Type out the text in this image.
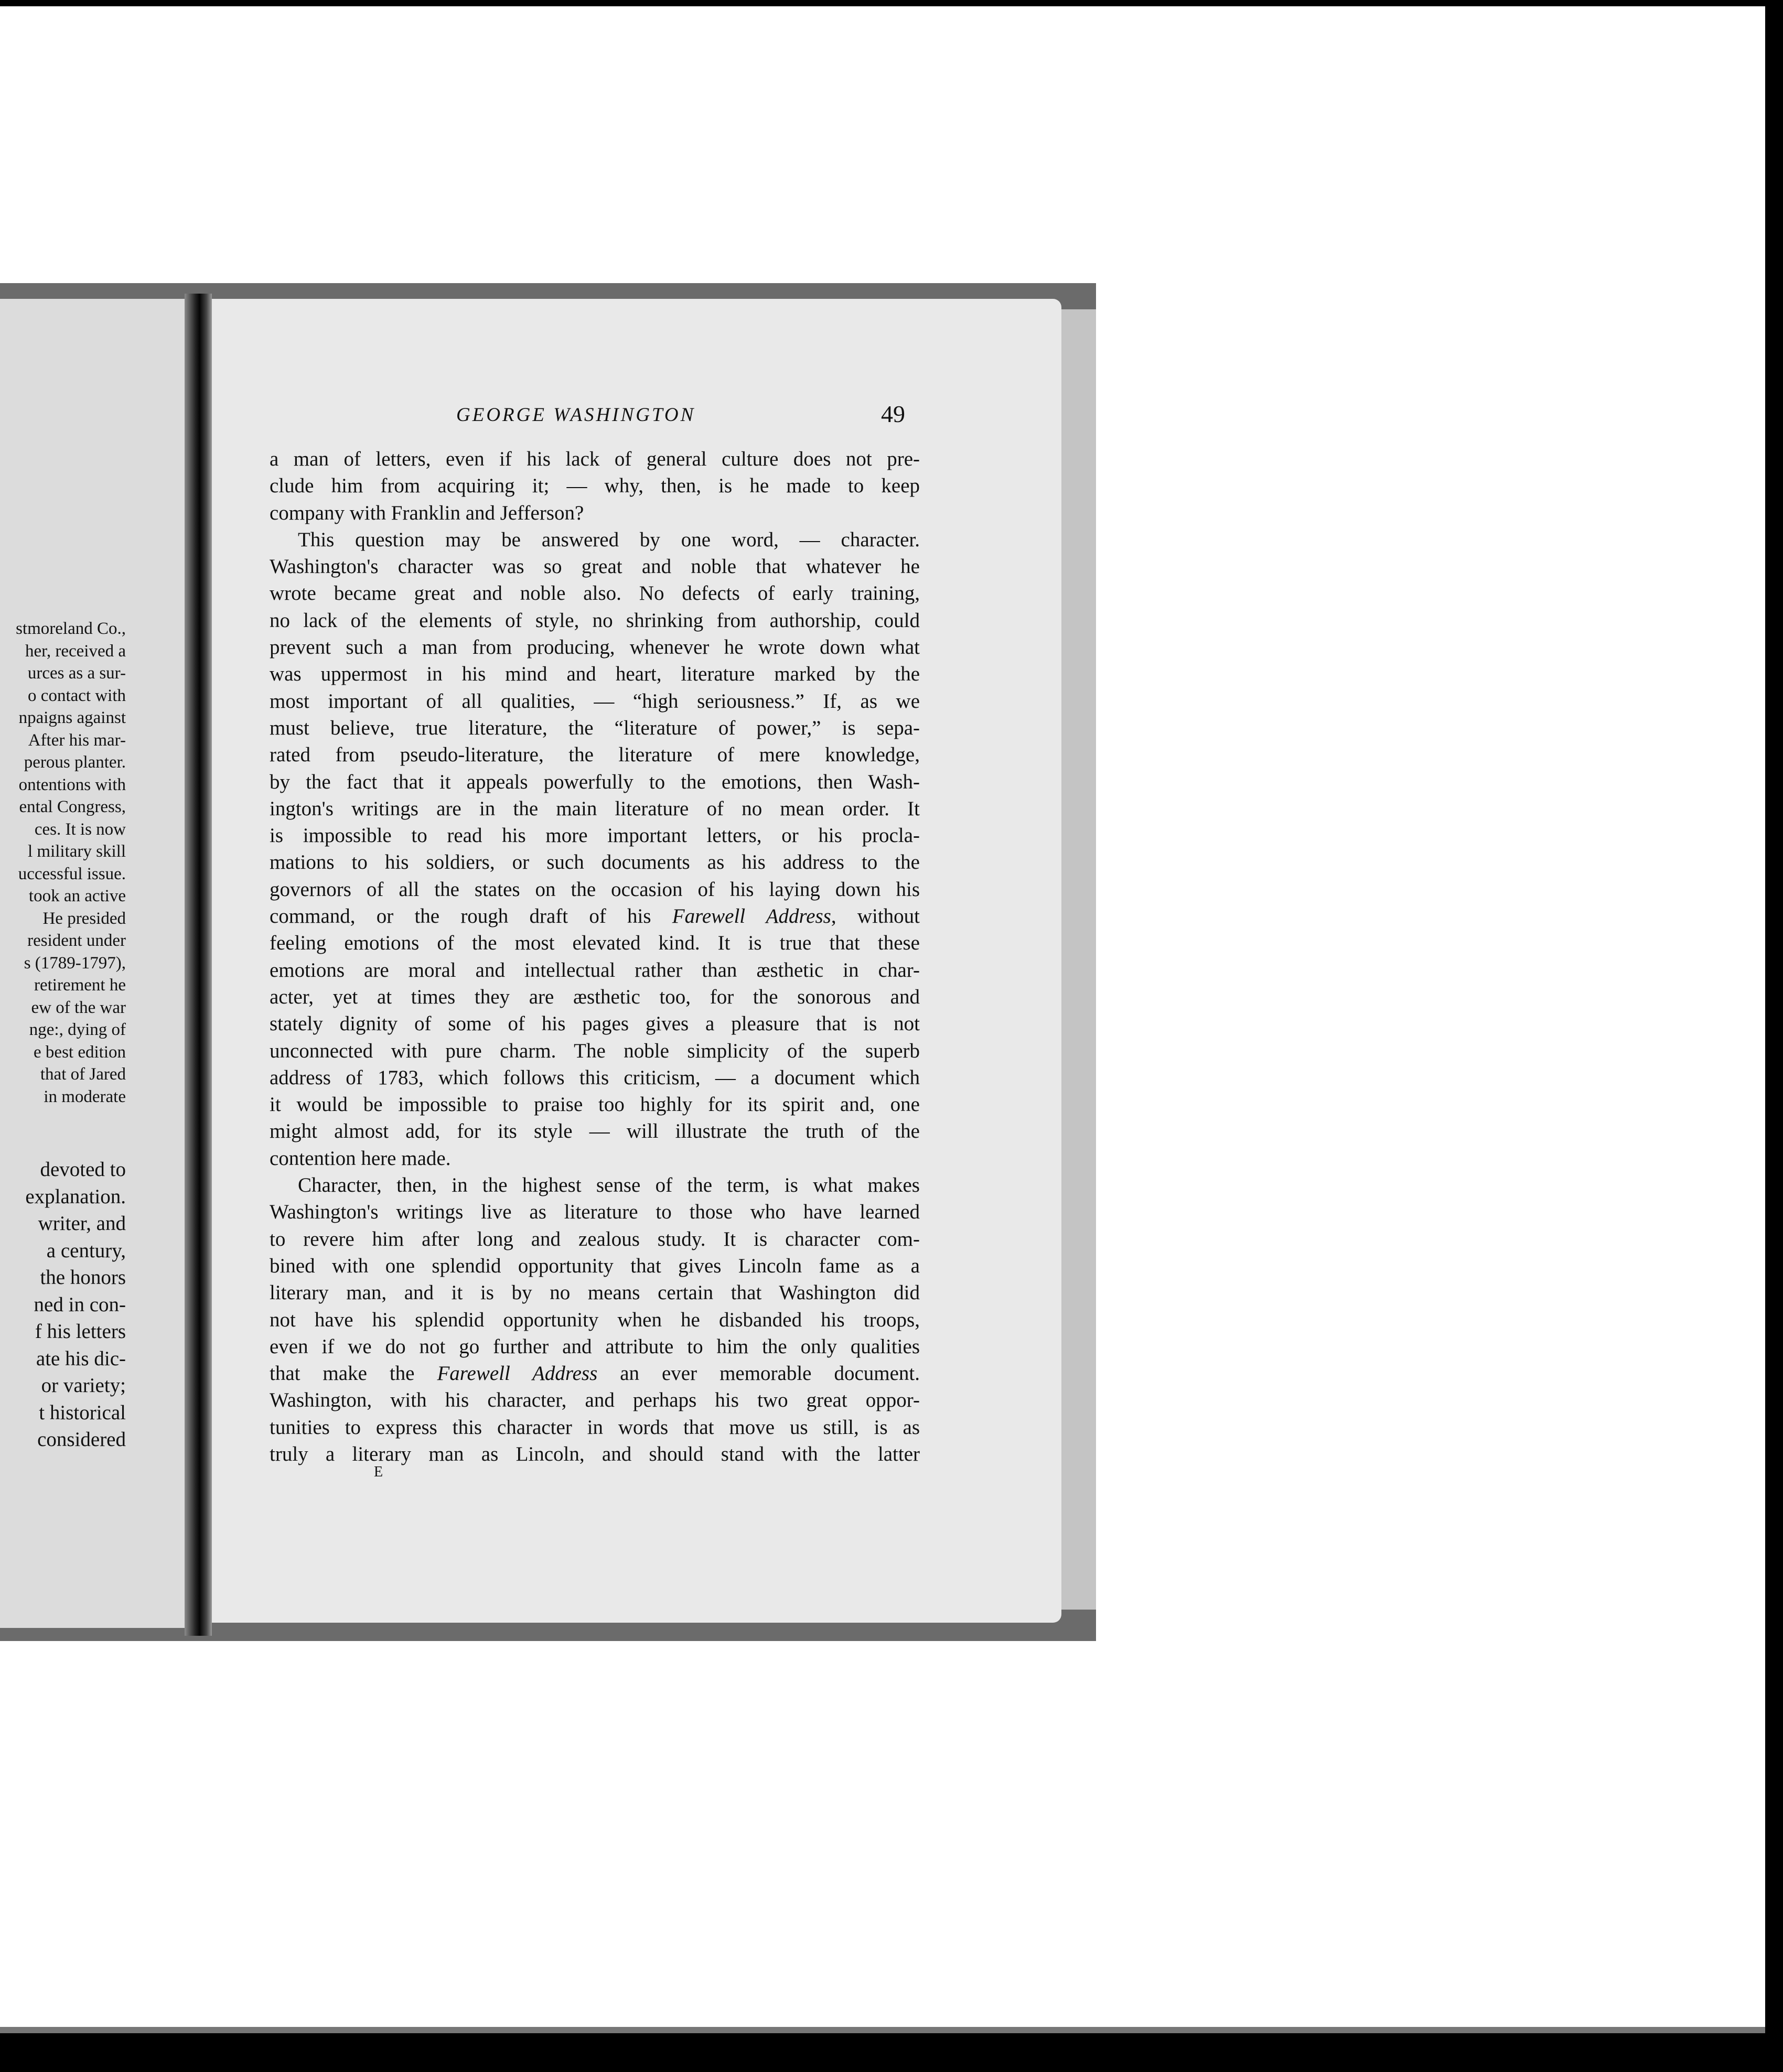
stmoreland Co.,
her, received a
urces as a sur-
o contact with
npaigns against
After his mar-
perous planter.
ontentions with
ental Congress,
ces. It is now
l military skill
uccessful issue.
took an active
He presided
resident under
s (1789-1797),
retirement he
ew of the war
nge:, dying of
e best edition
that of Jared
in moderate
devoted to
explanation.
writer, and
a century,
the honors
ned in con-
f his letters
ate his dic-
or variety;
t historical
considered
GEORGE WASHINGTON	49
a man of letters, even if his lack of general culture does not pre-
clude him from acquiring it; — why, then, is he made to keep
company with Franklin and Jefferson?
This question may be answered by one word, — character.
Washington's character was so great and noble that whatever he
wrote became great and noble also. No defects of early training,
no lack of the elements of style, no shrinking from authorship, could
prevent such a man from producing, whenever he wrote down what
was uppermost in his mind and heart, literature marked by the
most important of all qualities, — “high seriousness.” If, as we
must believe, true literature, the “literature of power,” is sepa-
rated from pseudo-literature, the literature of mere knowledge,
by the fact that it appeals powerfully to the emotions, then Wash-
ington's writings are in the main literature of no mean order. It
is impossible to read his more important letters, or his procla-
mations to his soldiers, or such documents as his address to the
governors of all the states on the occasion of his laying down his
command, or the rough draft of his Farewell Address, without
feeling emotions of the most elevated kind. It is true that these
emotions are moral and intellectual rather than æsthetic in char-
acter, yet at times they are æsthetic too, for the sonorous and
stately dignity of some of his pages gives a pleasure that is not
unconnected with pure charm. The noble simplicity of the superb
address of 1783, which follows this criticism, — a document which
it would be impossible to praise too highly for its spirit and, one
might almost add, for its style — will illustrate the truth of the
contention here made.
Character, then, in the highest sense of the term, is what makes
Washington's writings live as literature to those who have learned
to revere him after long and zealous study. It is character com-
bined with one splendid opportunity that gives Lincoln fame as a
literary man, and it is by no means certain that Washington did
not have his splendid opportunity when he disbanded his troops,
even if we do not go further and attribute to him the only qualities
that make the Farewell Address an ever memorable document.
Washington, with his character, and perhaps his two great oppor-
tunities to express this character in words that move us still, is as
truly a literary man as Lincoln, and should stand with the latter
E
